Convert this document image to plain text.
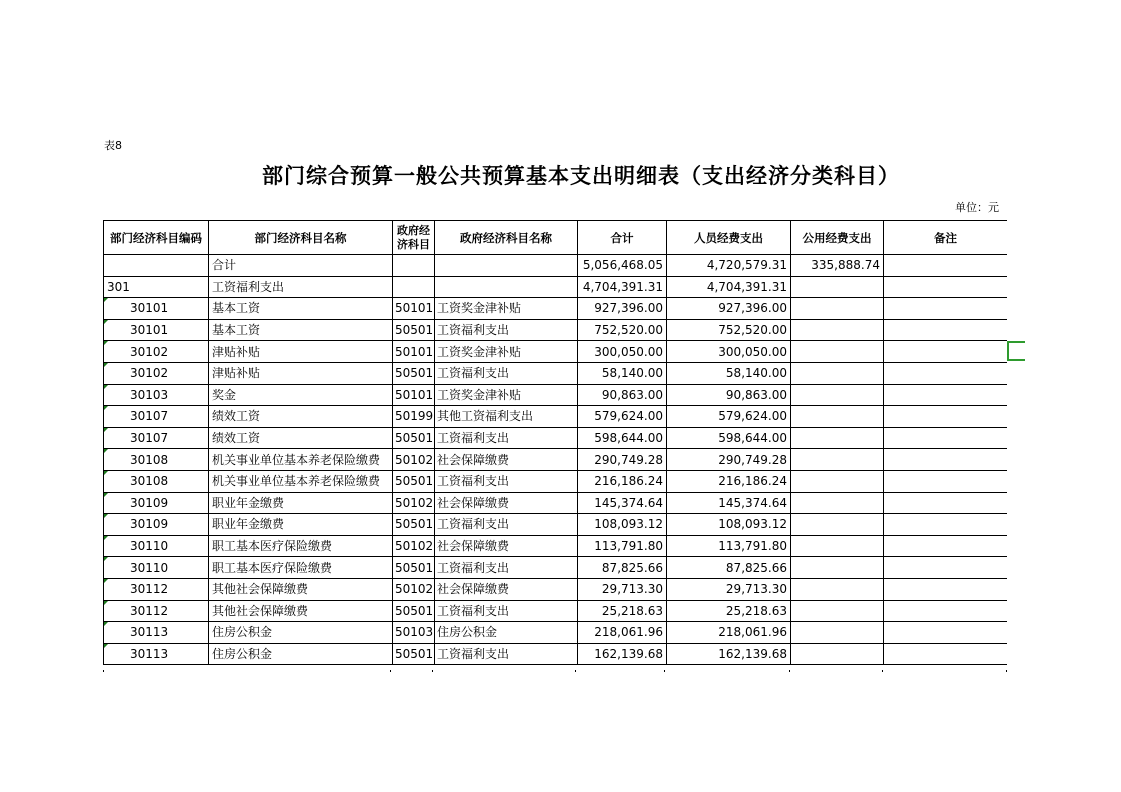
表8
部门综合预算一般公共预算基本支出明细表（支出经济分类科目）
单位：元
部门经济科目编码	部门经济科目名称	政府经济科目	政府经济科目名称	合计	人员经费支出	公用经费支出	备注
	合计			5,056,468.05	4,720,579.31	335,888.74	
301	工资福利支出			4,704,391.31	4,704,391.31		
30101	基本工资	50101	工资奖金津补贴	927,396.00	927,396.00		
30101	基本工资	50501	工资福利支出	752,520.00	752,520.00		
30102	津贴补贴	50101	工资奖金津补贴	300,050.00	300,050.00		
30102	津贴补贴	50501	工资福利支出	58,140.00	58,140.00		
30103	奖金	50101	工资奖金津补贴	90,863.00	90,863.00		
30107	绩效工资	50199	其他工资福利支出	579,624.00	579,624.00		
30107	绩效工资	50501	工资福利支出	598,644.00	598,644.00		
30108	机关事业单位基本养老保险缴费	50102	社会保障缴费	290,749.28	290,749.28		
30108	机关事业单位基本养老保险缴费	50501	工资福利支出	216,186.24	216,186.24		
30109	职业年金缴费	50102	社会保障缴费	145,374.64	145,374.64		
30109	职业年金缴费	50501	工资福利支出	108,093.12	108,093.12		
30110	职工基本医疗保险缴费	50102	社会保障缴费	113,791.80	113,791.80		
30110	职工基本医疗保险缴费	50501	工资福利支出	87,825.66	87,825.66		
30112	其他社会保障缴费	50102	社会保障缴费	29,713.30	29,713.30		
30112	其他社会保障缴费	50501	工资福利支出	25,218.63	25,218.63		
30113	住房公积金	50103	住房公积金	218,061.96	218,061.96		
30113	住房公积金	50501	工资福利支出	162,139.68	162,139.68		
